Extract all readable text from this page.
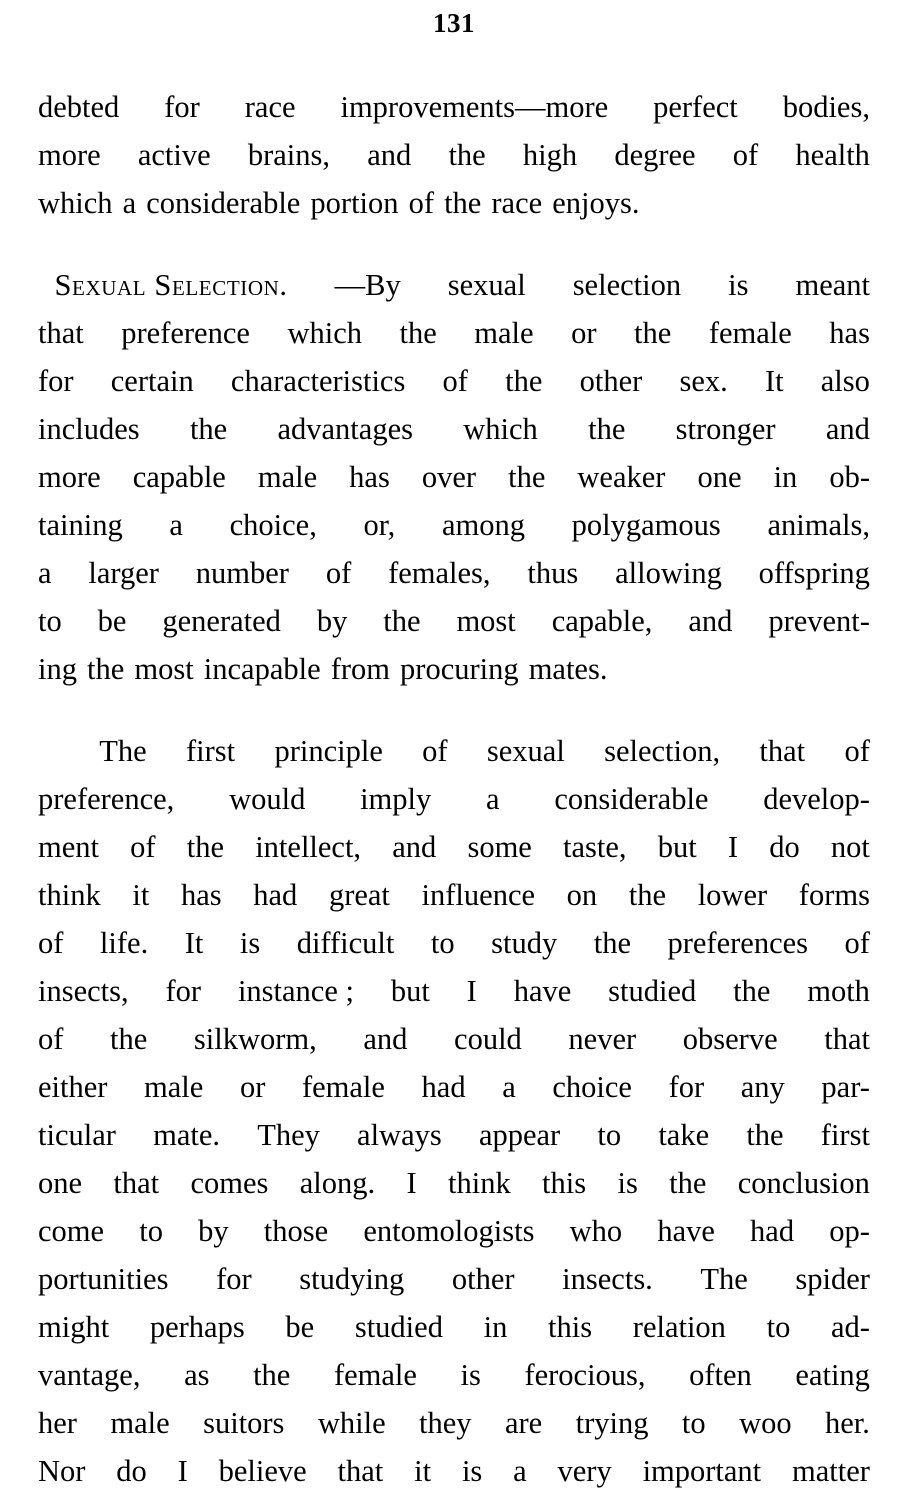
131
debted for race improvements—more perfect bodies,
more active brains, and the high degree of health
which a considerable portion of the race enjoys.
Sexual Selection. —By sexual selection is meant
that preference which the male or the female has
for certain characteristics of the other sex. It also
includes the advantages which the stronger and
more capable male has over the weaker one in ob-
taining a choice, or, among polygamous animals,
a larger number of females, thus allowing offspring
to be generated by the most capable, and prevent-
ing the most incapable from procuring mates.

The first principle of sexual selection, that of
preference, would imply a considerable develop-
ment of the intellect, and some taste, but I do not
think it has had great influence on the lower forms
of life. It is difficult to study the preferences of
insects, for instance ; but I have studied the moth
of the silkworm, and could never observe that
either male or female had a choice for any par-
ticular mate. They always appear to take the first
one that comes along. I think this is the conclusion
come to by those entomologists who have had op-
portunities for studying other insects. The spider
might perhaps be studied in this relation to ad-
vantage, as the female is ferocious, often eating
her male suitors while they are trying to woo her.
Nor do I believe that it is a very important matter
